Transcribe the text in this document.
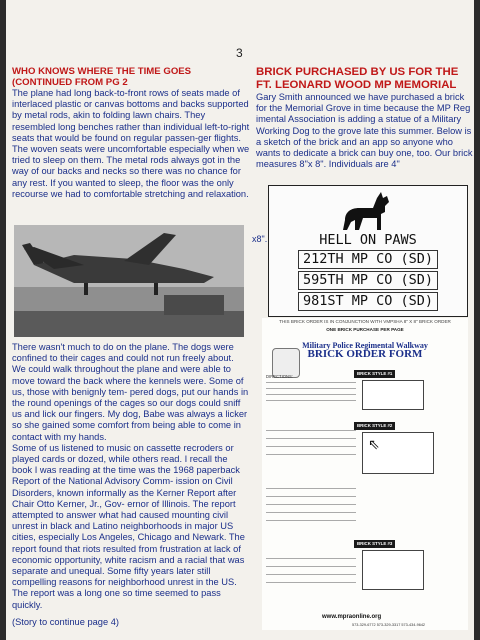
3

WHO KNOWS WHERE THE TIME GOES (CONTINUED FROM PG 2

The plane had long back-to-front rows of seats made of interlaced plastic or canvas bottoms and backs supported by metal rods, akin to folding lawn chairs. They resembled long benches rather than individual left-to-right seats that would be found on regular passen-ger flights. The woven seats were uncomfortable especially when we tried to sleep on them. The metal rods always got in the way of our backs and necks so there was no chance for any rest. If you wanted to sleep, the floor was the only recourse we had to comfortable stretching and relaxation.

There wasn't much to do on the plane. The dogs were confined to their cages and could not run freely about. We could walk throughout the plane and were able to move toward the back where the kennels were. Some of us, those with benignly tem- pered dogs, put our hands in the round openings of the cages so our dogs could sniff us and lick our fingers. My dog, Babe was always a licker so she gained some comfort from being able to come in contact with my hands.

Some of us listened to music on cassette recroders or played cards or dozed, while others read. I recall the book I was reading at the time was the 1968 paperback Report of the National Advisory Comm- ission on Civil Disorders, known informally as the Kerner Report after Chair Otto Kerner, Jr., Gov- ernor of Illinois. The report attempted to answer what had caused mounting civil unrest in black and Latino neighborhoods in major US cities, especially Los Angeles, Chicago and Newark. The report found that riots resulted from frustration at lack of economic opportunity, white racism and a racial that was separate and unequal. Some fifty years later still compelling reasons for neighborhood unrest in the US. The report was a long one so time seemed to pass quickly.

(Story to continue page 4)

BRICK PURCHASED BY US FOR THE FT. LEONARD WOOD MP MEMORIAL

Gary Smith announced we have purchased a brick for the Memorial Grove in time because the MP Reg imental Association is adding a statue of a Military Working Dog to the grove late this summer. Below is a sketch of the brick and an app so anyone who wants to dedicate a brick can buy one, too. Our brick measures 8"x 8". Individuals are 4"

x8".	HELL ON PAWS
212TH MP CO (SD)
595TH MP CO (SD)
981ST MP CO (SD)
THIS BRICK ORDER IS IN CONJUNCTION WITH VMPSHA 8" X 8" BRICK ORDER
ONE BRICK PURCHASE PER PAGE
Military Police Regimental Walkway
BRICK ORDER FORM
DIRECTIONS:
BRICK STYLE #1
BRICK STYLE #2
BRICK STYLE #3
www.mpraonline.org
573-329-6772 573-329-3317 573-434-9642
⇖
